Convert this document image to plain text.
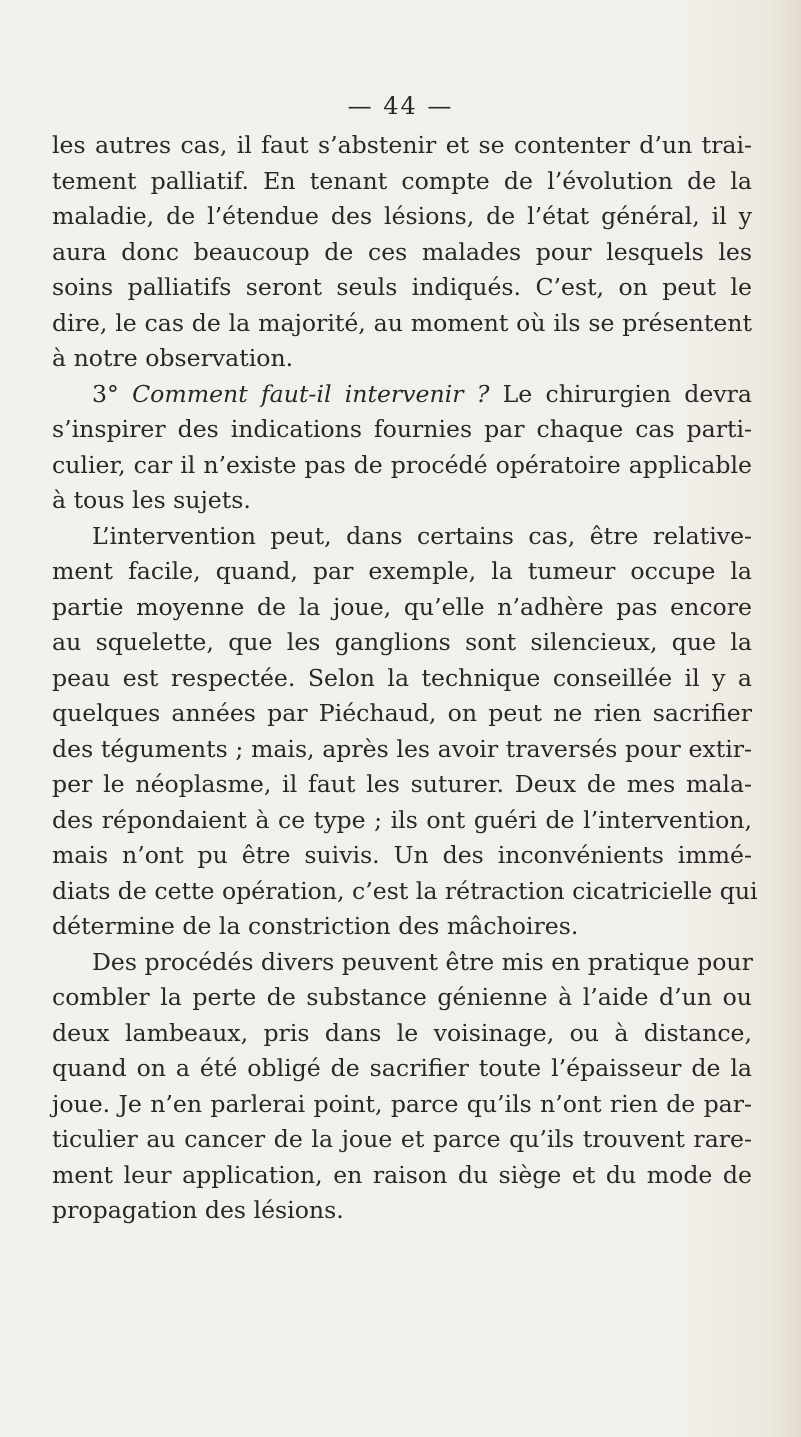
— 44 —
les autres cas, il faut s’abstenir et se contenter d’un trai-
tement palliatif. En tenant compte de l’évolution de la
maladie, de l’étendue des lésions, de l’état général, il y
aura donc beaucoup de ces malades pour lesquels les
soins palliatifs seront seuls indiqués. C’est, on peut le
dire, le cas de la majorité, au moment où ils se présentent
à notre observation.
3° Comment faut-il intervenir ? Le chirurgien devra
s’inspirer des indications fournies par chaque cas parti-
culier, car il n’existe pas de procédé opératoire applicable
à tous les sujets.
L’intervention peut, dans certains cas, être relative-
ment facile, quand, par exemple, la tumeur occupe la
partie moyenne de la joue, qu’elle n’adhère pas encore
au squelette, que les ganglions sont silencieux, que la
peau est respectée. Selon la technique conseillée il y a
quelques années par Piéchaud, on peut ne rien sacrifier
des téguments ; mais, après les avoir traversés pour extir-
per le néoplasme, il faut les suturer. Deux de mes mala-
des répondaient à ce type ; ils ont guéri de l’intervention,
mais n’ont pu être suivis. Un des inconvénients immé-
diats de cette opération, c’est la rétraction cicatricielle qui
détermine de la constriction des mâchoires.
Des procédés divers peuvent être mis en pratique pour
combler la perte de substance génienne à l’aide d’un ou
deux lambeaux, pris dans le voisinage, ou à distance,
quand on a été obligé de sacrifier toute l’épaisseur de la
joue. Je n’en parlerai point, parce qu’ils n’ont rien de par-
ticulier au cancer de la joue et parce qu’ils trouvent rare-
ment leur application, en raison du siège et du mode de
propagation des lésions.
